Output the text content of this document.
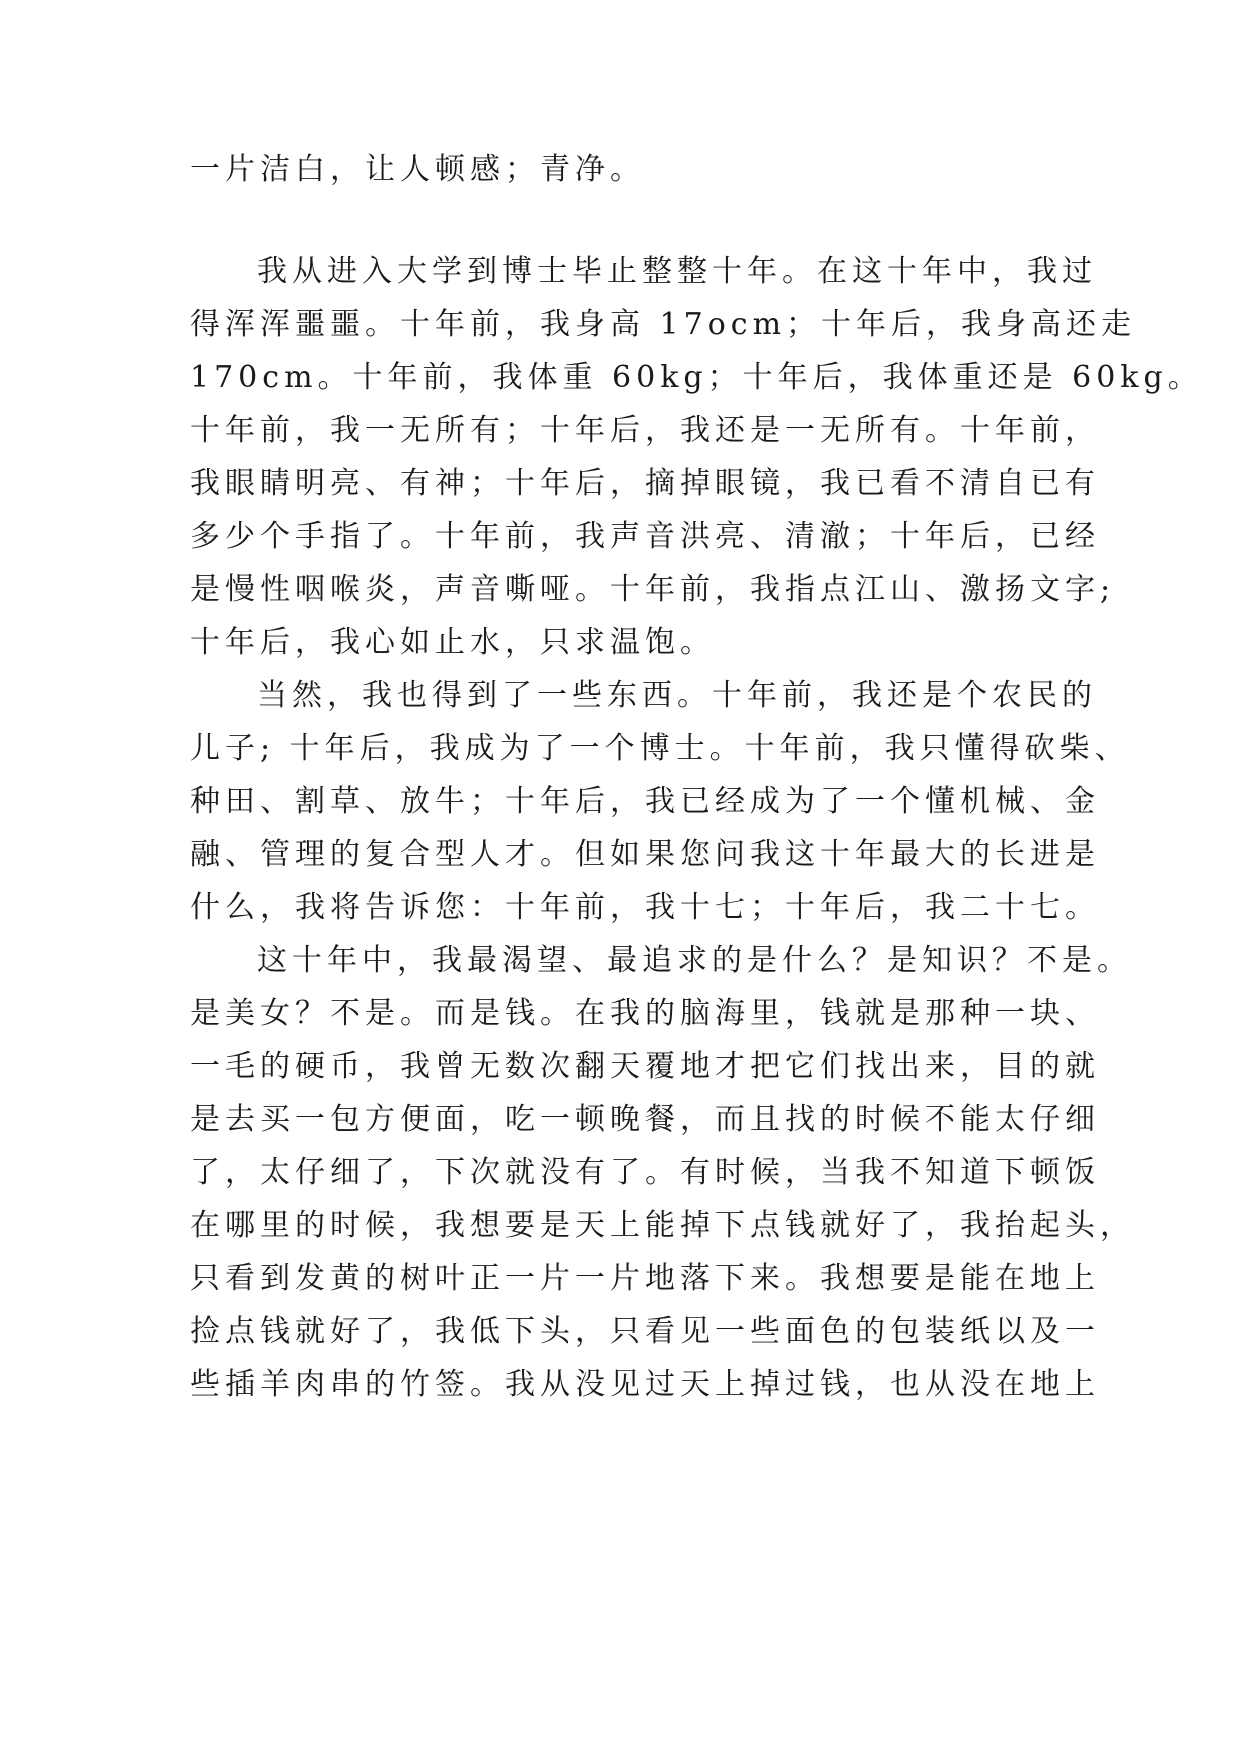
一片洁白，让人顿感；青净。
我从进入大学到博士毕止整整十年。在这十年中，我过
得浑浑噩噩。十年前，我身高 17ocm；十年后，我身高还走
170cm。十年前，我体重 60kg；十年后，我体重还是 60kg。
十年前，我一无所有；十年后，我还是一无所有。十年前，
我眼睛明亮、有神；十年后，摘掉眼镜，我已看不清自已有
多少个手指了。十年前，我声音洪亮、清澈；十年后，已经
是慢性咽喉炎，声音嘶哑。十年前，我指点江山、激扬文字;
十年后，我心如止水，只求温饱。
当然，我也得到了一些东西。十年前，我还是个农民的
儿子; 十年后，我成为了一个博士。十年前，我只懂得砍柴、
种田、割草、放牛；十年后，我已经成为了一个懂机械、金
融、管理的复合型人才。但如果您问我这十年最大的长进是
什么，我将告诉您：十年前，我十七；十年后，我二十七。
这十年中，我最渴望、最追求的是什么？是知识？不是。
是美女？不是。而是钱。在我的脑海里，钱就是那种一块、
一毛的硬币，我曾无数次翻天覆地才把它们找出来，目的就
是去买一包方便面，吃一顿晚餐，而且找的时候不能太仔细
了，太仔细了，下次就没有了。有时候，当我不知道下顿饭
在哪里的时候，我想要是天上能掉下点钱就好了，我抬起头，
只看到发黄的树叶正一片一片地落下来。我想要是能在地上
捡点钱就好了，我低下头，只看见一些面色的包装纸以及一
些插羊肉串的竹签。我从没见过天上掉过钱，也从没在地上
